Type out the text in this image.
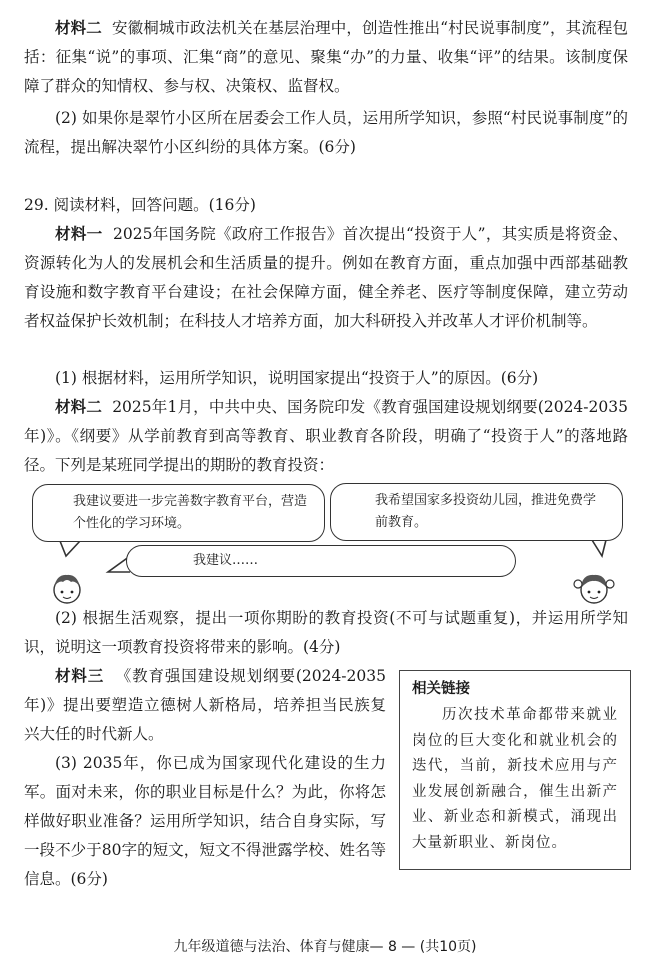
材料二 安徽桐城市政法机关在基层治理中，创造性推出“村民说事制度”，其流程包括：征集“说”的事项、汇集“商”的意见、聚集“办”的力量、收集“评”的结果。该制度保障了群众的知情权、参与权、决策权、监督权。

(2) 如果你是翠竹小区所在居委会工作人员，运用所学知识，参照“村民说事制度”的流程，提出解决翠竹小区纠纷的具体方案。(6分)

29. 阅读材料，回答问题。(16分)

材料一 2025年国务院《政府工作报告》首次提出“投资于人”，其实质是将资金、资源转化为人的发展机会和生活质量的提升。例如在教育方面，重点加强中西部基础教育设施和数字教育平台建设；在社会保障方面，健全养老、医疗等制度保障，建立劳动者权益保护长效机制；在科技人才培养方面，加大科研投入并改革人才评价机制等。

(1) 根据材料，运用所学知识，说明国家提出“投资于人”的原因。(6分)

材料二 2025年1月，中共中央、国务院印发《教育强国建设规划纲要(2024-2035年)》。《纲要》从学前教育到高等教育、职业教育各阶段，明确了“投资于人”的落地路径。下列是某班同学提出的期盼的教育投资：

我建议要进一步完善数字教育平台，营造个性化的学习环境。
我希望国家多投资幼儿园，推进免费学前教育。
我建议……

(2) 根据生活观察，提出一项你期盼的教育投资(不可与试题重复)，并运用所学知识，说明这一项教育投资将带来的影响。(4分)

材料三 《教育强国建设规划纲要(2024-2035年)》提出要塑造立德树人新格局，培养担当民族复兴大任的时代新人。

(3) 2035年，你已成为国家现代化建设的生力军。面对未来，你的职业目标是什么？为此，你将怎样做好职业准备？运用所学知识，结合自身实际，写一段不少于80字的短文，短文不得泄露学校、姓名等信息。(6分)

相关链接
历次技术革命都带来就业岗位的巨大变化和就业机会的迭代，当前，新技术应用与产业发展创新融合，催生出新产业、新业态和新模式，涌现出大量新职业、新岗位。
九年级道德与法治、体育与健康— 8 — (共10页)
